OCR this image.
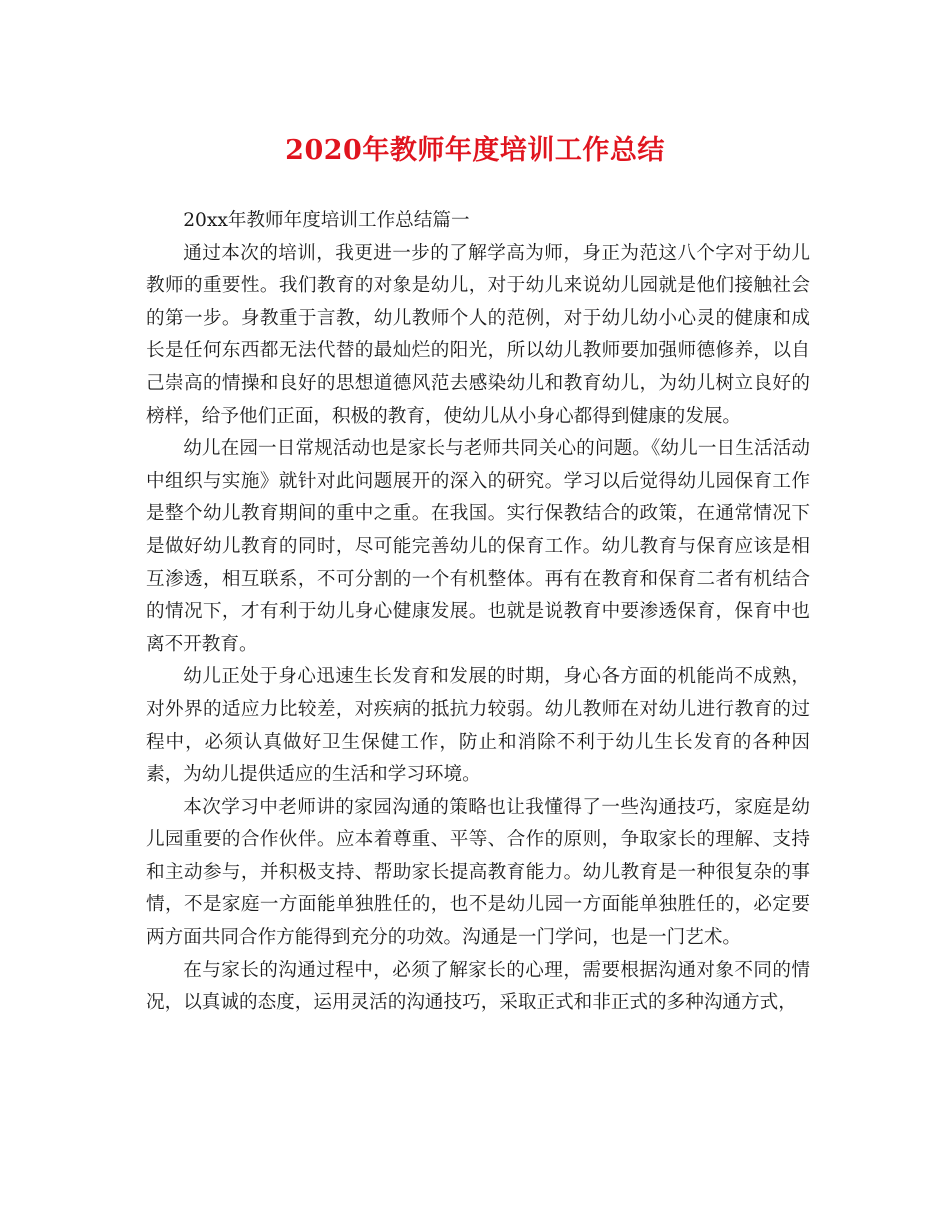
2020年教师年度培训工作总结

20xx年教师年度培训工作总结篇一

通过本次的培训，我更进一步的了解学高为师，身正为范这八个字对于幼儿教师的重要性。我们教育的对象是幼儿，对于幼儿来说幼儿园就是他们接触社会的第一步。身教重于言教，幼儿教师个人的范例，对于幼儿幼小心灵的健康和成长是任何东西都无法代替的最灿烂的阳光，所以幼儿教师要加强师德修养，以自己崇高的情操和良好的思想道德风范去感染幼儿和教育幼儿，为幼儿树立良好的榜样，给予他们正面，积极的教育，使幼儿从小身心都得到健康的发展。

幼儿在园一日常规活动也是家长与老师共同关心的问题。《幼儿一日生活活动中组织与实施》就针对此问题展开的深入的研究。学习以后觉得幼儿园保育工作是整个幼儿教育期间的重中之重。在我国。实行保教结合的政策，在通常情况下是做好幼儿教育的同时，尽可能完善幼儿的保育工作。幼儿教育与保育应该是相互渗透，相互联系，不可分割的一个有机整体。再有在教育和保育二者有机结合的情况下，才有利于幼儿身心健康发展。也就是说教育中要渗透保育，保育中也离不开教育。

幼儿正处于身心迅速生长发育和发展的时期，身心各方面的机能尚不成熟，对外界的适应力比较差，对疾病的抵抗力较弱。幼儿教师在对幼儿进行教育的过程中，必须认真做好卫生保健工作，防止和消除不利于幼儿生长发育的各种因素，为幼儿提供适应的生活和学习环境。

本次学习中老师讲的家园沟通的策略也让我懂得了一些沟通技巧，家庭是幼儿园重要的合作伙伴。应本着尊重、平等、合作的原则，争取家长的理解、支持和主动参与，并积极支持、帮助家长提高教育能力。幼儿教育是一种很复杂的事情，不是家庭一方面能单独胜任的，也不是幼儿园一方面能单独胜任的，必定要两方面共同合作方能得到充分的功效。沟通是一门学问，也是一门艺术。

在与家长的沟通过程中，必须了解家长的心理，需要根据沟通对象不同的情况，以真诚的态度，运用灵活的沟通技巧，采取正式和非正式的多种沟通方式，
